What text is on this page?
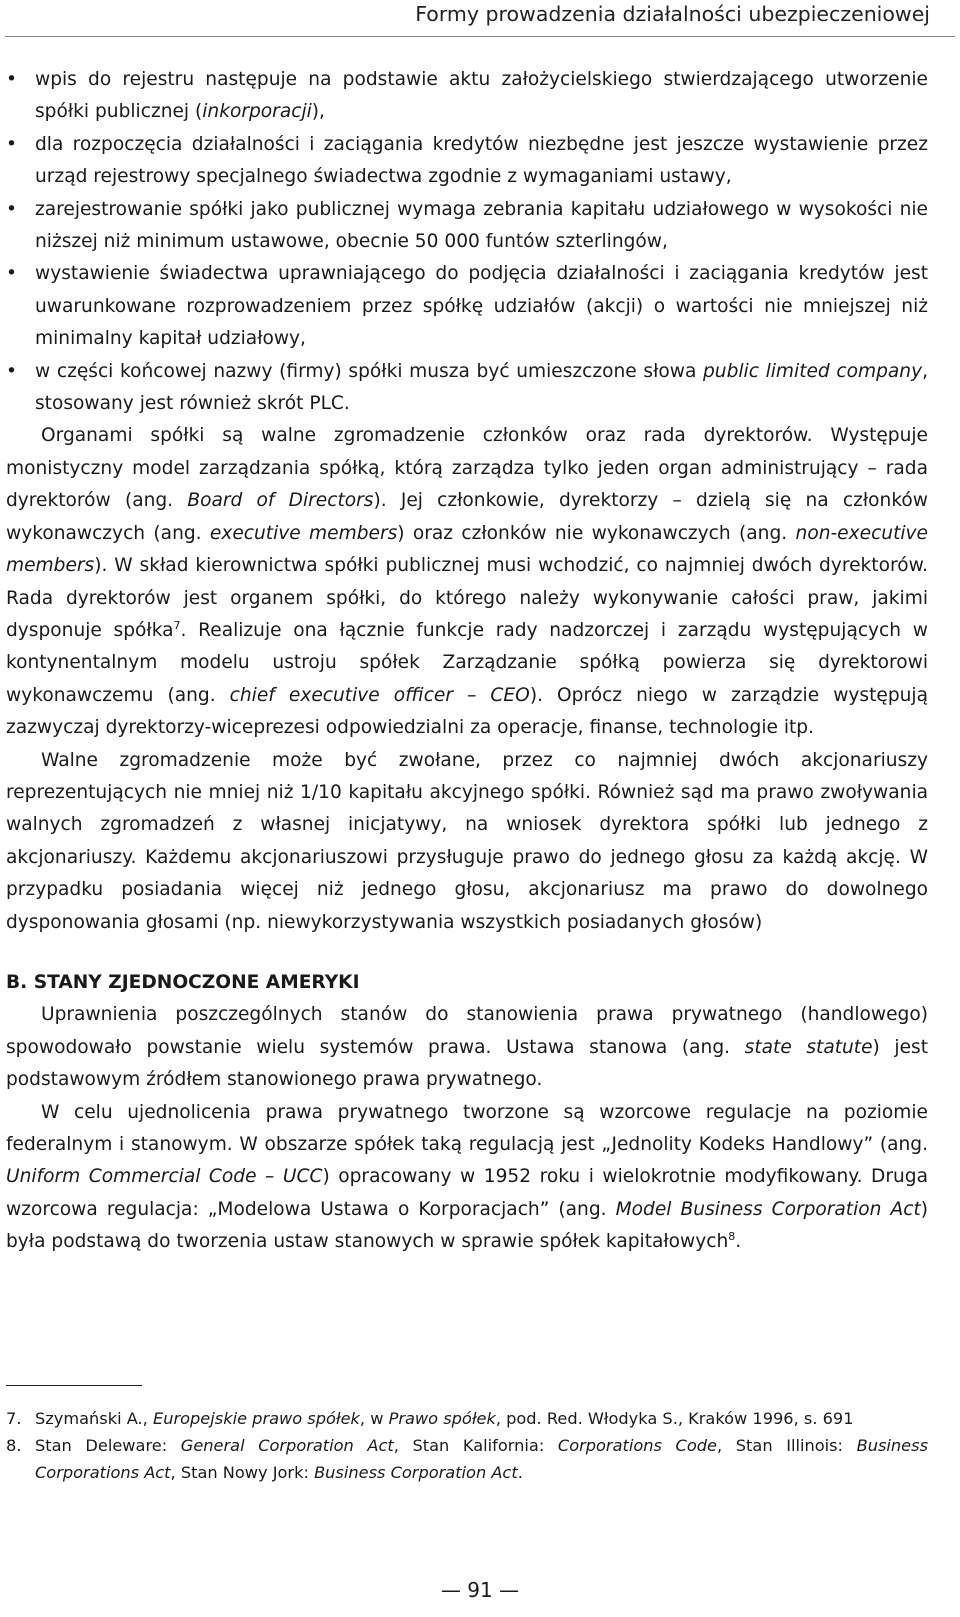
Formy prowadzenia działalności ubezpieczeniowej
• wpis do rejestru następuje na podstawie aktu założycielskiego stwierdzającego utworzenie spółki publicznej (inkorporacji),
• dla rozpoczęcia działalności i zaciągania kredytów niezbędne jest jeszcze wystawienie przez urząd rejestrowy specjalnego świadectwa zgodnie z wymaganiami ustawy,
• zarejestrowanie spółki jako publicznej wymaga zebrania kapitału udziałowego w wysokości nie niższej niż minimum ustawowe, obecnie 50 000 funtów szterlingów,
• wystawienie świadectwa uprawniającego do podjęcia działalności i zaciągania kredytów jest uwarunkowane rozprowadzeniem przez spółkę udziałów (akcji) o wartości nie mniejszej niż minimalny kapitał udziałowy,
• w części końcowej nazwy (firmy) spółki musza być umieszczone słowa public limited company, stosowany jest również skrót PLC.

Organami spółki są walne zgromadzenie członków oraz rada dyrektorów. Występuje monistyczny model zarządzania spółką, którą zarządza tylko jeden organ administrujący – rada dyrektorów (ang. Board of Directors). Jej członkowie, dyrektorzy – dzielą się na członków wykonawczych (ang. executive members) oraz członków nie wykonawczych (ang. non-executive members). W skład kierownictwa spółki publicznej musi wchodzić, co najmniej dwóch dyrektorów. Rada dyrektorów jest organem spółki, do którego należy wykonywanie całości praw, jakimi dysponuje spółka$^7$. Realizuje ona łącznie funkcje rady nadzorczej i zarządu występujących w kontynentalnym modelu ustroju spółek Zarządzanie spółką powierza się dyrektorowi wykonawczemu (ang. chief executive officer – CEO). Oprócz niego w zarządzie występują zazwyczaj dyrektorzy-wiceprezesi odpowiedzialni za operacje, finanse, technologie itp.

Walne zgromadzenie może być zwołane, przez co najmniej dwóch akcjonariuszy reprezentujących nie mniej niż 1/10 kapitału akcyjnego spółki. Również sąd ma prawo zwoływania walnych zgromadzeń z własnej inicjatywy, na wniosek dyrektora spółki lub jednego z akcjonariuszy. Każdemu akcjonariuszowi przysługuje prawo do jednego głosu za każdą akcję. W przypadku posiadania więcej niż jednego głosu, akcjonariusz ma prawo do dowolnego dysponowania głosami (np. niewykorzystywania wszystkich posiadanych głosów)

B. STANY ZJEDNOCZONE AMERYKI

Uprawnienia poszczególnych stanów do stanowienia prawa prywatnego (handlowego) spowodowało powstanie wielu systemów prawa. Ustawa stanowa (ang. state statute) jest podstawowym źródłem stanowionego prawa prywatnego.

W celu ujednolicenia prawa prywatnego tworzone są wzorcowe regulacje na poziomie federalnym i stanowym. W obszarze spółek taką regulacją jest „Jednolity Kodeks Handlowy” (ang. Uniform Commercial Code – UCC) opracowany w 1952 roku i wielokrotnie modyfikowany. Druga wzorcowa regulacja: „Modelowa Ustawa o Korporacjach” (ang. Model Business Corporation Act) była podstawą do tworzenia ustaw stanowych w sprawie spółek kapitałowych$^8$.

7. Szymański A., Europejskie prawo spółek, w Prawo spółek, pod. Red. Włodyka S., Kraków 1996, s. 691
8. Stan Deleware: General Corporation Act, Stan Kalifornia: Corporations Code, Stan Illinois: Business Corporations Act, Stan Nowy Jork: Business Corporation Act.
— 91 —
